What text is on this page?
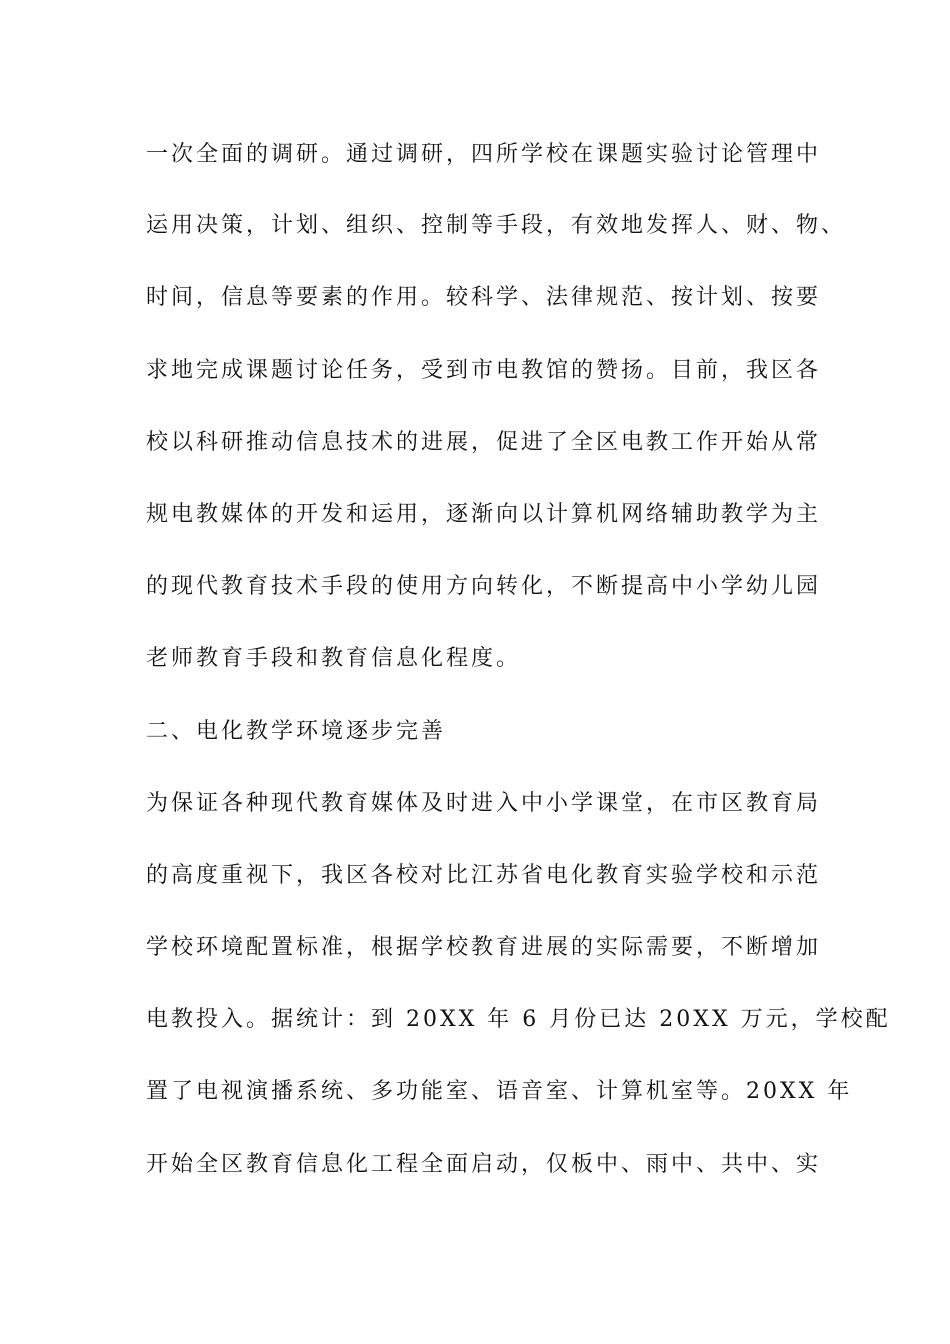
一次全面的调研。通过调研，四所学校在课题实验讨论管理中
运用决策，计划、组织、控制等手段，有效地发挥人、财、物、
时间，信息等要素的作用。较科学、法律规范、按计划、按要
求地完成课题讨论任务，受到市电教馆的赞扬。目前，我区各
校以科研推动信息技术的进展，促进了全区电教工作开始从常
规电教媒体的开发和运用，逐渐向以计算机网络辅助教学为主
的现代教育技术手段的使用方向转化，不断提高中小学幼儿园
老师教育手段和教育信息化程度。
二、电化教学环境逐步完善
为保证各种现代教育媒体及时进入中小学课堂，在市区教育局
的高度重视下，我区各校对比江苏省电化教育实验学校和示范
学校环境配置标准，根据学校教育进展的实际需要，不断增加
电教投入。据统计：到 20XX 年 6 月份已达 20XX 万元，学校配
置了电视演播系统、多功能室、语音室、计算机室等。20XX 年
开始全区教育信息化工程全面启动，仅板中、雨中、共中、实
